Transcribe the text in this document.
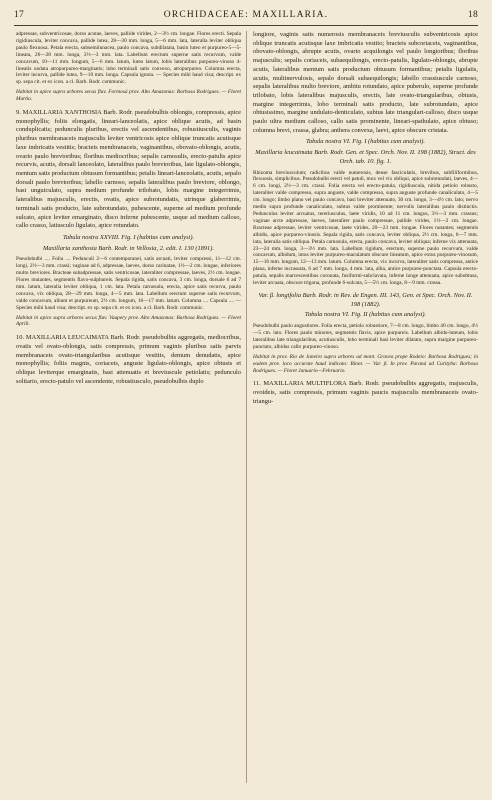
17	ORCHIDACEAE: MAXILLARIA.	18

adpressae, subventricosae, dorso acutae, laeves, pallide virides, 2—3½ cm. longae. Flores erecti. Sepala rigidiuscula, leviter concava, pallide lutea, 28—30 mm. longa, 5—6 mm. lata, lateralia leviter obliqua paulo flexuosa. Petala erecta, subsemilunacea, paulo concava, subdilatata, basin luteo et purpureo-5—5-lineata, 26—28 mm. longa, 3½—3 mm. lata. Labellum erectum superne satis recurvum, valde concavum, 10—11 mm. longum, 5—6 mm. latum, luteo latum, lobis lateralibus purpureo-vinoso 4-lineatis undata atropurpureo-marginatis; lobo terminali satis convexo, atropurpureo. Columna erecta, leviter incurva, pallide lutea, 9—10 mm. longa. Capsula ignota. — Species mihi haud visa; descript. ex sp. sepa cit. et ex icon. a cl. Barb. Rodr. communic.

Habitat in apice supra arbores secus fluv. Formosá prov. Alto Amazonas: Barbosa Rodrigues. — Floret Martio.

9. MAXILLARIA XANTHOSIA Barb. Rodr. pseudobulbis oblongis, compressis, apice monophyllis; foliis elongatis, lineari-lanceolatis, apice oblique acutis, ad basin conduplicatis; pedunculis pluribus, erectis vel ascendentibus, robustiusculis, vaginis pluribus membranaceis majusculis leviter ventricosis apice oblique truncatis acutisque laxe imbricatis vestitis; bracteis membranaceis, vaginantibus, obovato-oblongis, acutis, ovario paulo brevioribus; floribus mediocribus; sepalis carnosulis, erecto-patulis apice recurvis, acutis, dorsali lanceolato, lateralibus paulo brevioribus, late ligulato-oblongis, mentum satis productum obtusum formantibus; petalis lineari-lanceolatis, acutis, sepalo dorsali paulo brevioribus; labello carnoso, sepalis lateralibus paulo breviore, oblongo, basi unguiculato, supra medium profunde trilobato, lobis margine integerrimis, lateralibus majusculis, erectis, ovatis, apice subrotundatis, utrinque glaberrimis, terminali satis producto, late subrotundato, pubescente, superne ad medium profunde sulcato, apice leviter emarginato, disco inferne pubescente, usque ad medium calloso, callo crasso, latiusculo ligulato, apice rotundato.

Tabula nostra XXVIII. Fig. I (habitus cum analysi).

Maxillaria xanthosia Barb. Rodr. in Vellosia, 2. edit. I. 130 (1891).

Pseudobulbi .... Folia .... Pedunculi 2—6 contemporanei, satis arcuati, leviter compressi, 11—12 cm. longi, 2½—3 mm. crassi; vaginae ad 6, adpressae, laeves, dorso carinatae, 1½—2 cm. longae, inferiores multo breviores. Bracteae subadpressae, satis ventricosae, lateraliter compressae, laeves, 2½ cm. longae. Flores mutantes, segmentis flavo-sulphureis. Sepala rigida, satis concava, 3 cm. longa, dorsale 6 ad 7 mm. latum, lateralia leviter obliqua, 1 cm. lata. Petala carnosula, erecta, apice satis recurva, paulo concava, vix obliqua, 28—29 mm. longa, 4—5 mm. lata. Labellum erectum superne satis recurvum, valde concavum, album et purpureum, 2½ cm. longum, 16—17 mm. latum. Columna .... Capsula .... — Species mihi haud visa; descript. ex sp. sepa cit. et ex icon. a cl. Barb. Rodr. communic.

Habitat in apice supra arbores secus fluv. Vaupery prov. Alto Amazonas: Barbosa Rodrigues. — Floret Aprili.

10. MAXILLARIA LEUCAIMATA Barb. Rodr. pseudobulbis aggregatis, mediocribus, ovatis vel ovato-oblongis, satis compressis, primum vaginis pluribus satis parvis membranaceis ovato-triangularibus acutisque vestitis, demum denudatis, apice monophyllis; foliis magnis, coriaceis, anguste ligulato-oblongis, apice obtusis et oblique leviterque emarginatis, basi attenuatis et breviuscule petiolatis; pedunculo solitario, erecto-patulo vel ascendente, robustiusculo, pseudobulbis duplo

longiore, vaginis satis numerosis membranaceis breviusculis subventricosis apice oblique truncatis acutisque laxe imbricatis vestito; bracteis subcoriaceis, vaginantibus, obovato-oblongis, abrupte acutis, ovario acquilongis vel paulo longioribus; floribus majusculis; sepalis coriaceis, subaequilongis, erecto-patulis, ligulato-oblongis, abrupte acutis, lateralibus mentum satis productum obtusum formantibus; petalis ligulatis, acutis, multinervulosis, sepalo dorsali subaequilongis; labello crassiuscule carnoso, sepalis lateralibus multo breviore, ambitu rotundato, apice puberulo, superne profunde trilobato, lobis lateralibus majusculis, erectis, late ovato-triangularibus, obtusis, margine integerrimis, lobo terminali satis producto, late subrotundato, apice obtusissimo, margine undulato-denticulato, subtus late triangulari-calloso, disco usque paulo ultra medium calloso, callo satis prominente, lineari-spathulato, apice obtuso; columna brevi, crassa, glabra; anthera convexa, laevi, apice obscure cristata.

Tabula nostra VI. Fig. I (habitus cum analysi).

Maxillaria leucaimata Barb. Rodr. Gen. et Spec. Orch. Nov. II. 198 (1882), Struct. des Orch. tab. 10. fig. 1.

Rhizoma breviusculum; radicibus valde numerosis, dense fasciculatis, brevibus, subfiliformibus, flexuosis, simplicibus. Pseudobulbi erecti vel patuli, mox vel vix obliqui, apice subrotundati, laeves, 4—6 cm. longi, 2½—3 cm. crassi. Folia erecta vel erecto-patula, rigidiuscula, nitida petiolo robusto, lateraliter valde compresso, supra anguste, valde compresso, supra anguste profunde canaliculato, 4—5 cm. longo; limbo plano vel paulo concavo, basi breviter attenuato, 30 cm. longo, 3—4½ cm. lato; nervo medio supra profunde canaliculato, subtus valde prominente; nervulis lateralibus paulo distinctis. Pedunculus leviter arcuatus, teretiusculus, laete viridis, 10 ad 11 cm. longus, 3½—3 mm. crassus; vaginae arcte adpressae, laeves, lateraliter paulo compressae, pallide virides, 1½—2 cm. longae. Bracteae adpressae, leviter ventricosae, laete virides, 20—23 mm. longae. Flores nutantes; segmentis albidis, apice purpureo-vinosis. Sepala rigida, satis concava, leviter obliqua, 2½ cm. longa, 6—7 mm. lata, lateralia satis obliqua. Petala carnosula, erecta, paulo concava, leviter obliqua; inferne vix attenuata, 23—24 mm. longa, 3—3½ mm. lata. Labellum rigidum, erectum, superne paulo recurvum, valde concavum, albidum, intus leviter purpureo-maculatum obscure lineatum, apice extus purpureo-vinosum, 15—16 mm. longum, 12—13 mm. latum. Columna erecta, vix incurva, lateraliter satis compressa, antice plana, inferne incrassata, 6 ad 7 mm. longa, 4 mm. lata, alba, antice purpureo-punctata. Capsula erecto-patula, sepalis marcescentibus coronata, fusiformi-subclavata, inferne longe attenuata, apice subobtusa, leviter arcuata, obscure trigona, profunde 6-sulcata, 5—5½ cm. longa, 8—9 mm. crassa.

Var. β. longifolia Barb. Rodr. in Rev. de Engen. III. 143, Gen. et Spec. Orch. Nov. II. 198 (1882).

Tabula nostra VI. Fig. II (habitus cum analysi).

Pseudobulbi paulo angustiores. Folia erecta, petiolo robustiore, 7—8 cm. longo, limbo 40 cm. longo, 4½—5 cm. lato. Flores paulo minores, segmentis flavis, apice purpureis. Labellum albido-luteum, lobis lateralibus late triangularibus, acutiusculis, lobo terminali basi leviter dilatato, supra margine purpureo-punctato, albidus callo purpureo-vinoso.

Habitat in prov. Rio de Janeiro supra arbores ad mont. Gravea prope Rodeio: Barbosa Rodrigues; in eadem prov. loco accurate haud indicato: Binot. — Var. β. In prov. Paraná ad Curityba: Barbosa Rodrigues. — Floret Januario—Februario.

11. MAXILLARIA MULTIFLORA Barb. Rodr. pseudobulbis aggregatis, majusculis, ovoideis, satis compressis, primum vaginis paucis majusculis membranaceis ovato-triangu-
